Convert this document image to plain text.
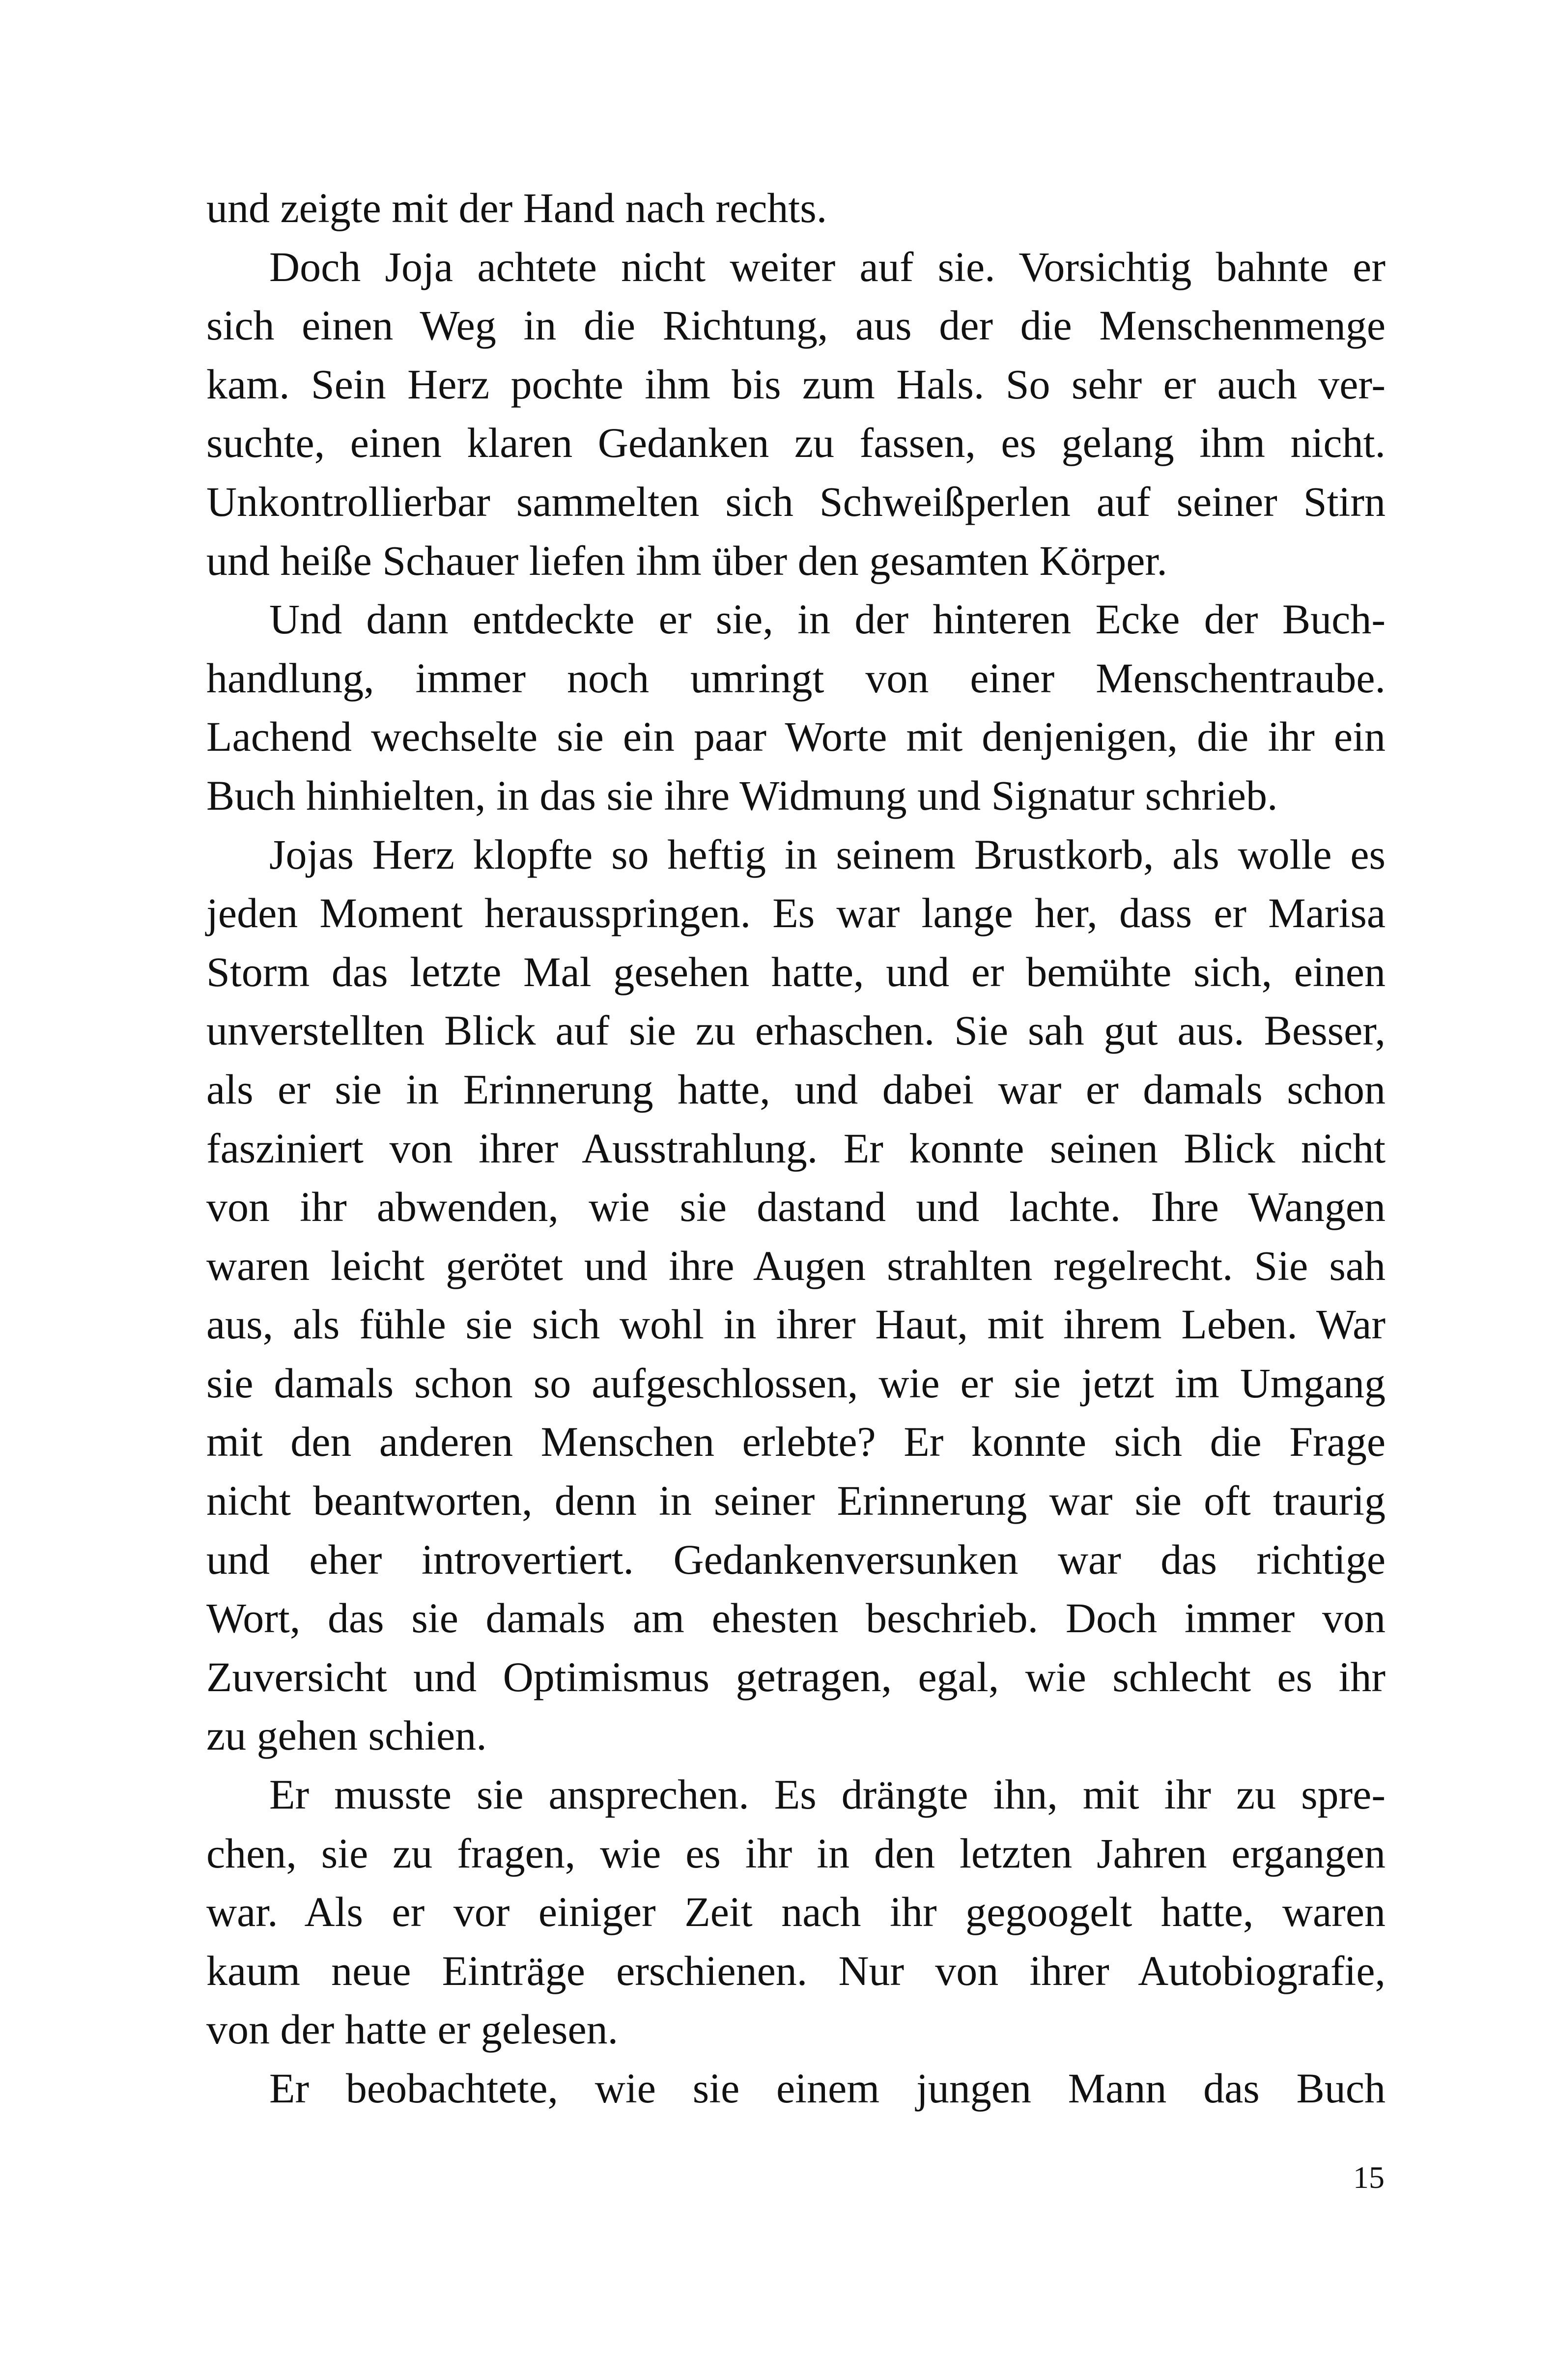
und zeigte mit der Hand nach rechts.
Doch Joja achtete nicht weiter auf sie. Vorsichtig bahnte er
sich einen Weg in die Richtung, aus der die Menschenmenge
kam. Sein Herz pochte ihm bis zum Hals. So sehr er auch ver-
suchte, einen klaren Gedanken zu fassen, es gelang ihm nicht.
Unkontrollierbar sammelten sich Schweißperlen auf seiner Stirn
und heiße Schauer liefen ihm über den gesamten Körper.
Und dann entdeckte er sie, in der hinteren Ecke der Buch-
handlung, immer noch umringt von einer Menschentraube.
Lachend wechselte sie ein paar Worte mit denjenigen, die ihr ein
Buch hinhielten, in das sie ihre Widmung und Signatur schrieb.
Jojas Herz klopfte so heftig in seinem Brustkorb, als wolle es
jeden Moment herausspringen. Es war lange her, dass er Marisa
Storm das letzte Mal gesehen hatte, und er bemühte sich, einen
unverstellten Blick auf sie zu erhaschen. Sie sah gut aus. Besser,
als er sie in Erinnerung hatte, und dabei war er damals schon
fasziniert von ihrer Ausstrahlung. Er konnte seinen Blick nicht
von ihr abwenden, wie sie dastand und lachte. Ihre Wangen
waren leicht gerötet und ihre Augen strahlten regelrecht. Sie sah
aus, als fühle sie sich wohl in ihrer Haut, mit ihrem Leben. War
sie damals schon so aufgeschlossen, wie er sie jetzt im Umgang
mit den anderen Menschen erlebte? Er konnte sich die Frage
nicht beantworten, denn in seiner Erinnerung war sie oft traurig
und eher introvertiert. Gedankenversunken war das richtige
Wort, das sie damals am ehesten beschrieb. Doch immer von
Zuversicht und Optimismus getragen, egal, wie schlecht es ihr
zu gehen schien.
Er musste sie ansprechen. Es drängte ihn, mit ihr zu spre-
chen, sie zu fragen, wie es ihr in den letzten Jahren ergangen
war. Als er vor einiger Zeit nach ihr gegoogelt hatte, waren
kaum neue Einträge erschienen. Nur von ihrer Autobiografie,
von der hatte er gelesen.
Er beobachtete, wie sie einem jungen Mann das Buch
15
